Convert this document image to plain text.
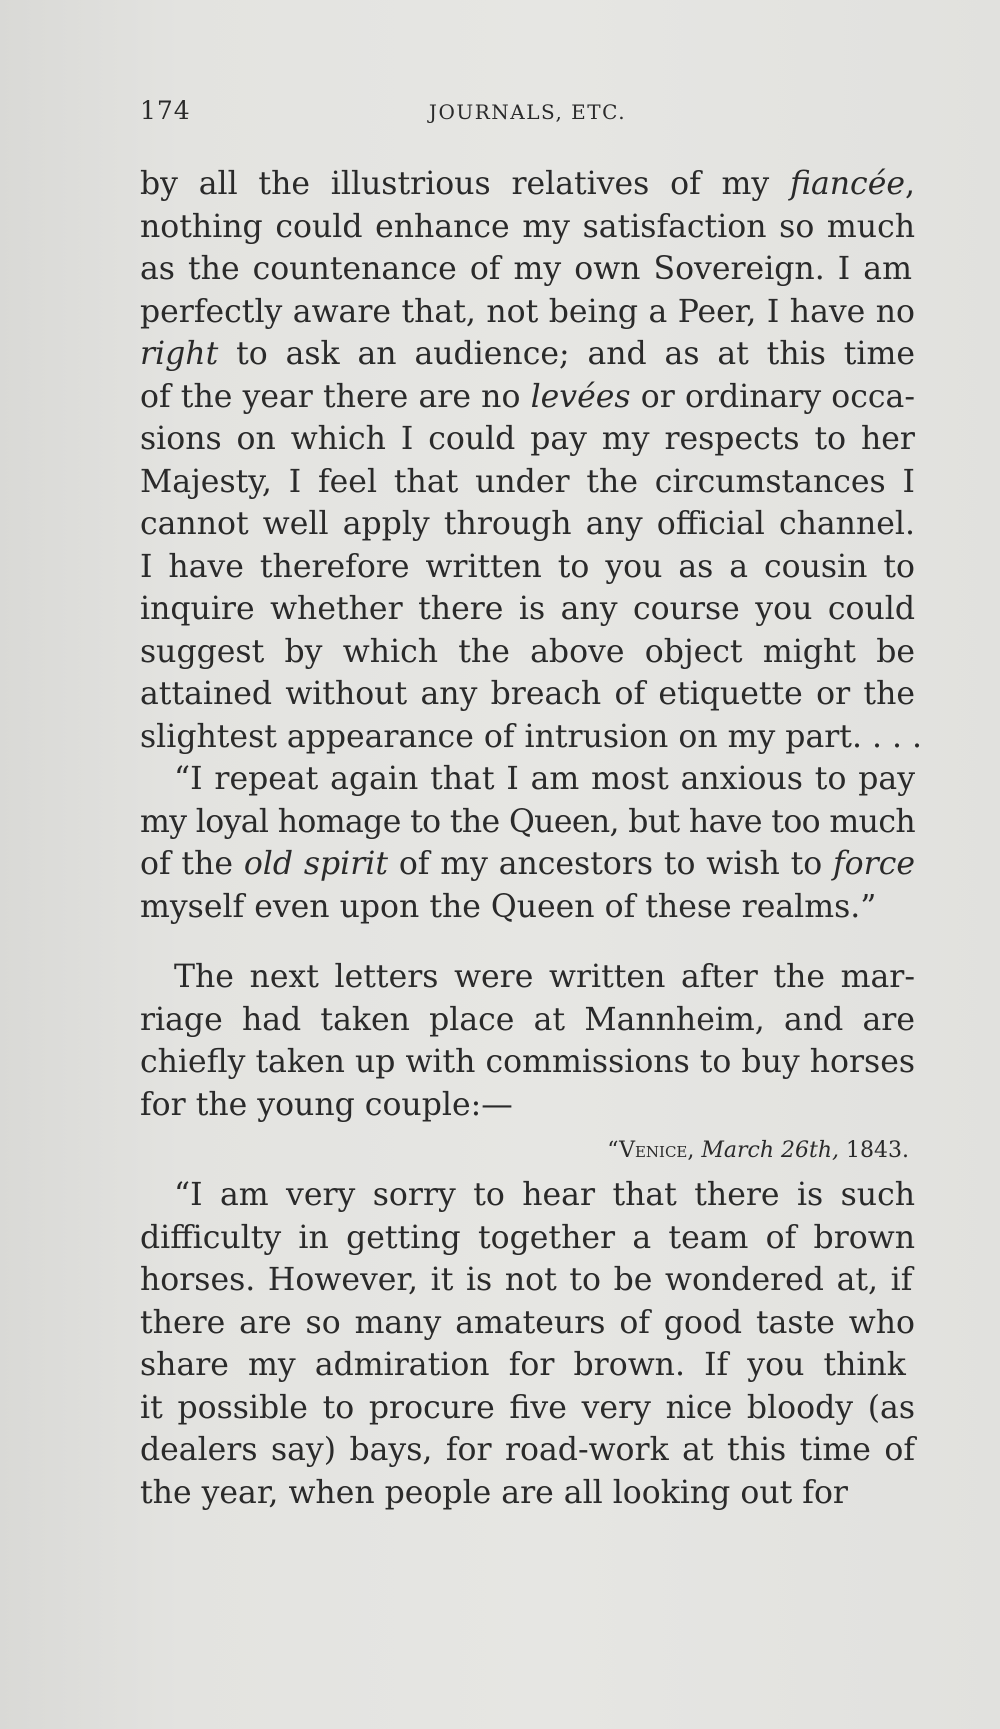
174	JOURNALS, ETC.
by all the illustrious relatives of my fiancée,
nothing could enhance my satisfaction so much
as the countenance of my own Sovereign. I am
perfectly aware that, not being a Peer, I have no
right to ask an audience; and as at this time
of the year there are no levées or ordinary occa-
sions on which I could pay my respects to her
Majesty, I feel that under the circumstances I
cannot well apply through any official channel.
I have therefore written to you as a cousin to
inquire whether there is any course you could
suggest by which the above object might be
attained without any breach of etiquette or the
slightest appearance of intrusion on my part. . . .
“I repeat again that I am most anxious to pay
my loyal homage to the Queen, but have too much
of the old spirit of my ancestors to wish to force
myself even upon the Queen of these realms.”
The next letters were written after the mar-
riage had taken place at Mannheim, and are
chiefly taken up with commissions to buy horses
for the young couple:—
“Venice, March 26th, 1843.
“I am very sorry to hear that there is such
difficulty in getting together a team of brown
horses. However, it is not to be wondered at, if
there are so many amateurs of good taste who
share my admiration for brown. If you think
it possible to procure five very nice bloody (as
dealers say) bays, for road-work at this time of
the year, when people are all looking out for
